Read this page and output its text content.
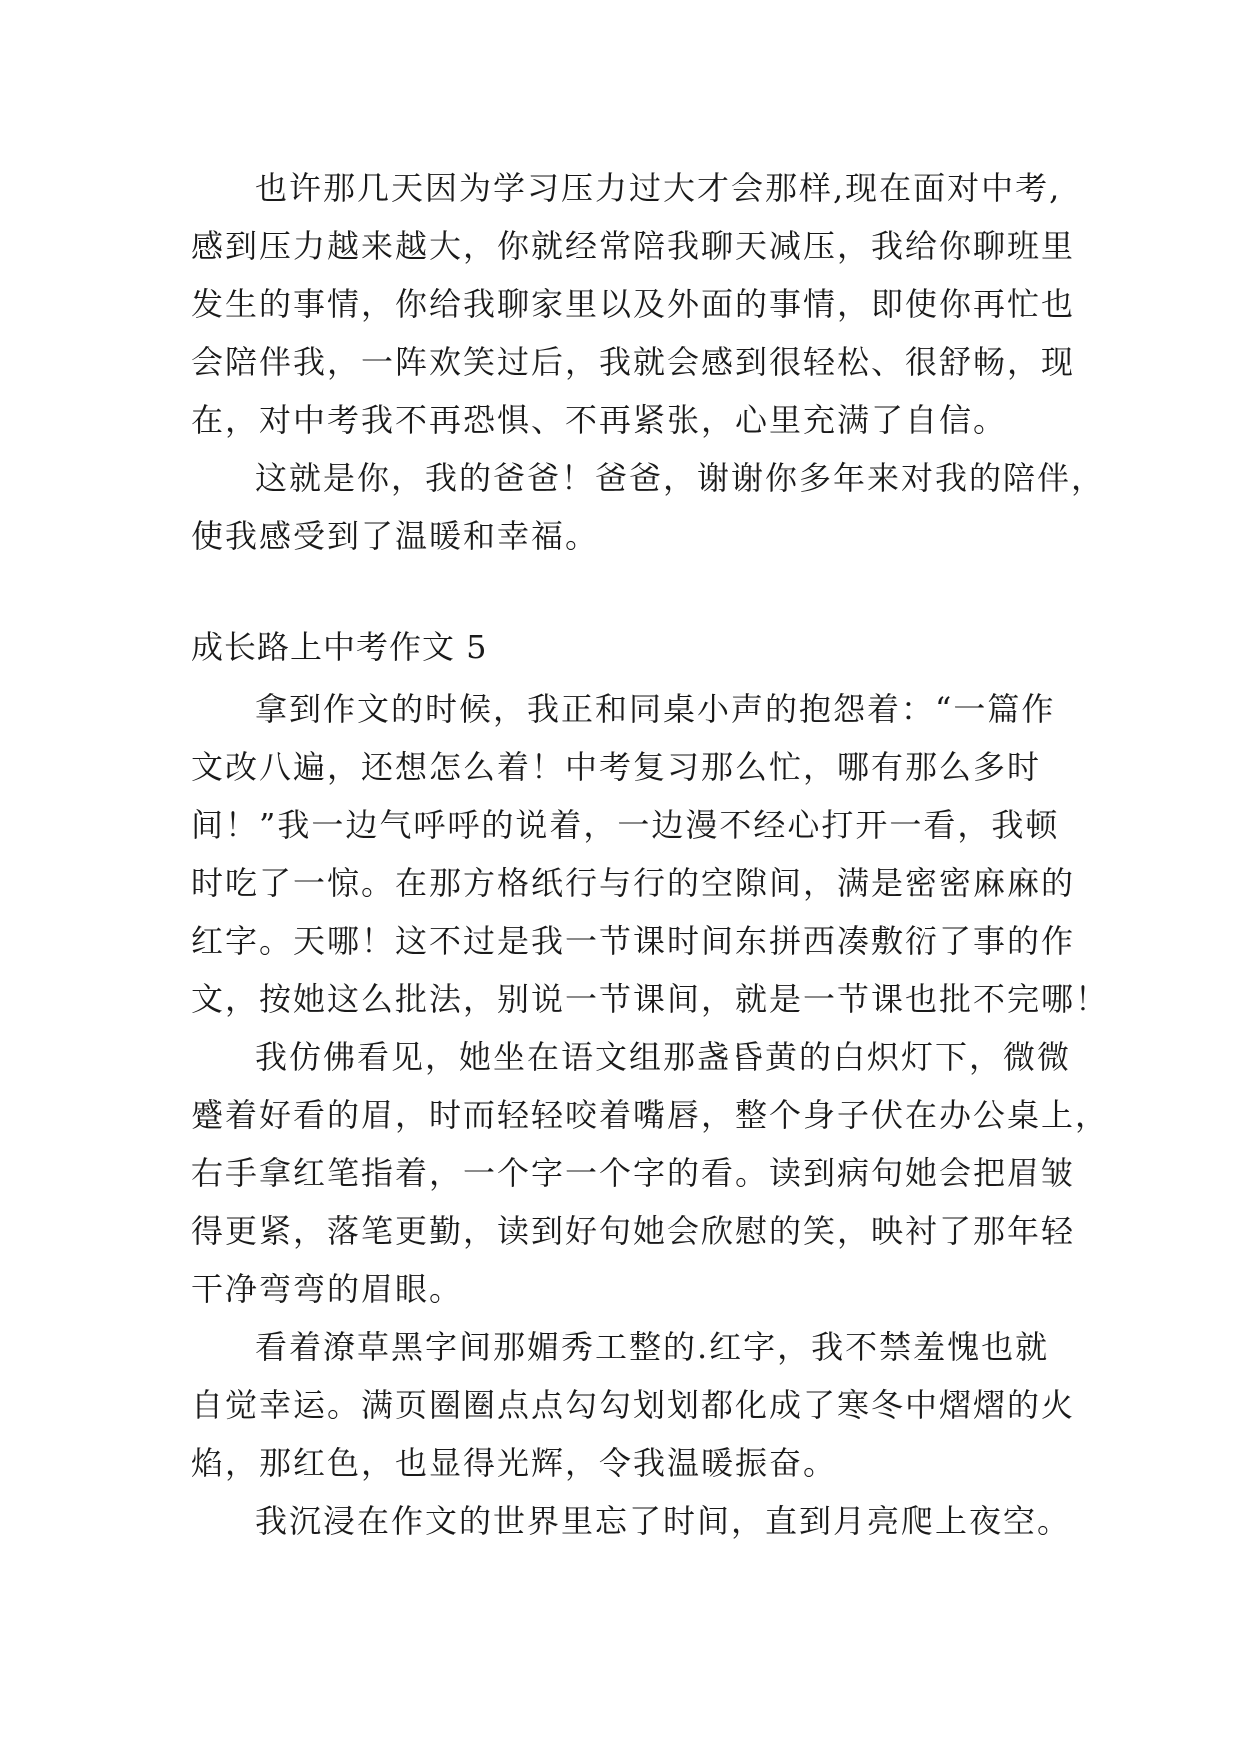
也许那几天因为学习压力过大才会那样,现在面对中考,
感到压力越来越大，你就经常陪我聊天减压，我给你聊班里
发生的事情，你给我聊家里以及外面的事情，即使你再忙也
会陪伴我，一阵欢笑过后，我就会感到很轻松、很舒畅，现
在，对中考我不再恐惧、不再紧张，心里充满了自信。
这就是你，我的爸爸！爸爸，谢谢你多年来对我的陪伴，
使我感受到了温暖和幸福。
成长路上中考作文 5
拿到作文的时候，我正和同桌小声的抱怨着：“一篇作
文改八遍，还想怎么着！中考复习那么忙，哪有那么多时
间！”我一边气呼呼的说着，一边漫不经心打开一看，我顿
时吃了一惊。在那方格纸行与行的空隙间，满是密密麻麻的
红字。天哪！这不过是我一节课时间东拼西凑敷衍了事的作
文，按她这么批法，别说一节课间，就是一节课也批不完哪！
我仿佛看见，她坐在语文组那盏昏黄的白炽灯下，微微
蹙着好看的眉，时而轻轻咬着嘴唇，整个身子伏在办公桌上，
右手拿红笔指着，一个字一个字的看。读到病句她会把眉皱
得更紧，落笔更勤，读到好句她会欣慰的笑，映衬了那年轻
干净弯弯的眉眼。
看着潦草黑字间那媚秀工整的.红字，我不禁羞愧也就
自觉幸运。满页圈圈点点勾勾划划都化成了寒冬中熠熠的火
焰，那红色，也显得光辉，令我温暖振奋。
我沉浸在作文的世界里忘了时间，直到月亮爬上夜空。
